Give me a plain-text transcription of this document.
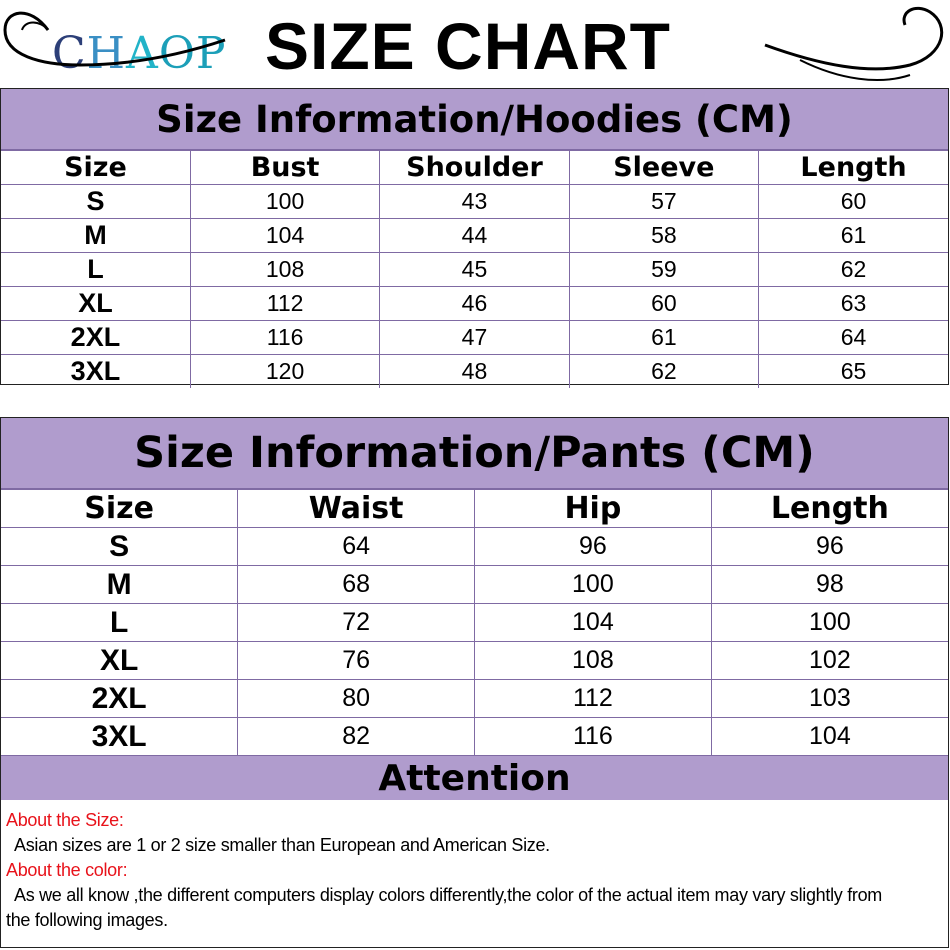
CHAOP SIZE CHART
Size Information/Hoodies (CM)
Size	Bust	Shoulder	Sleeve	Length
S	100	43	57	60
M	104	44	58	61
L	108	45	59	62
XL	112	46	60	63
2XL	116	47	61	64
3XL	120	48	62	65
Size Information/Pants (CM)
Size	Waist	Hip	Length
S	64	96	96
M	68	100	98
L	72	104	100
XL	76	108	102
2XL	80	112	103
3XL	82	116	104
Attention

About the Size:

Asian sizes are 1 or 2 size smaller than European and American Size.

About the color:

As we all know ,the different computers display colors differently,the color of the actual item may vary slightly from

the following images.
